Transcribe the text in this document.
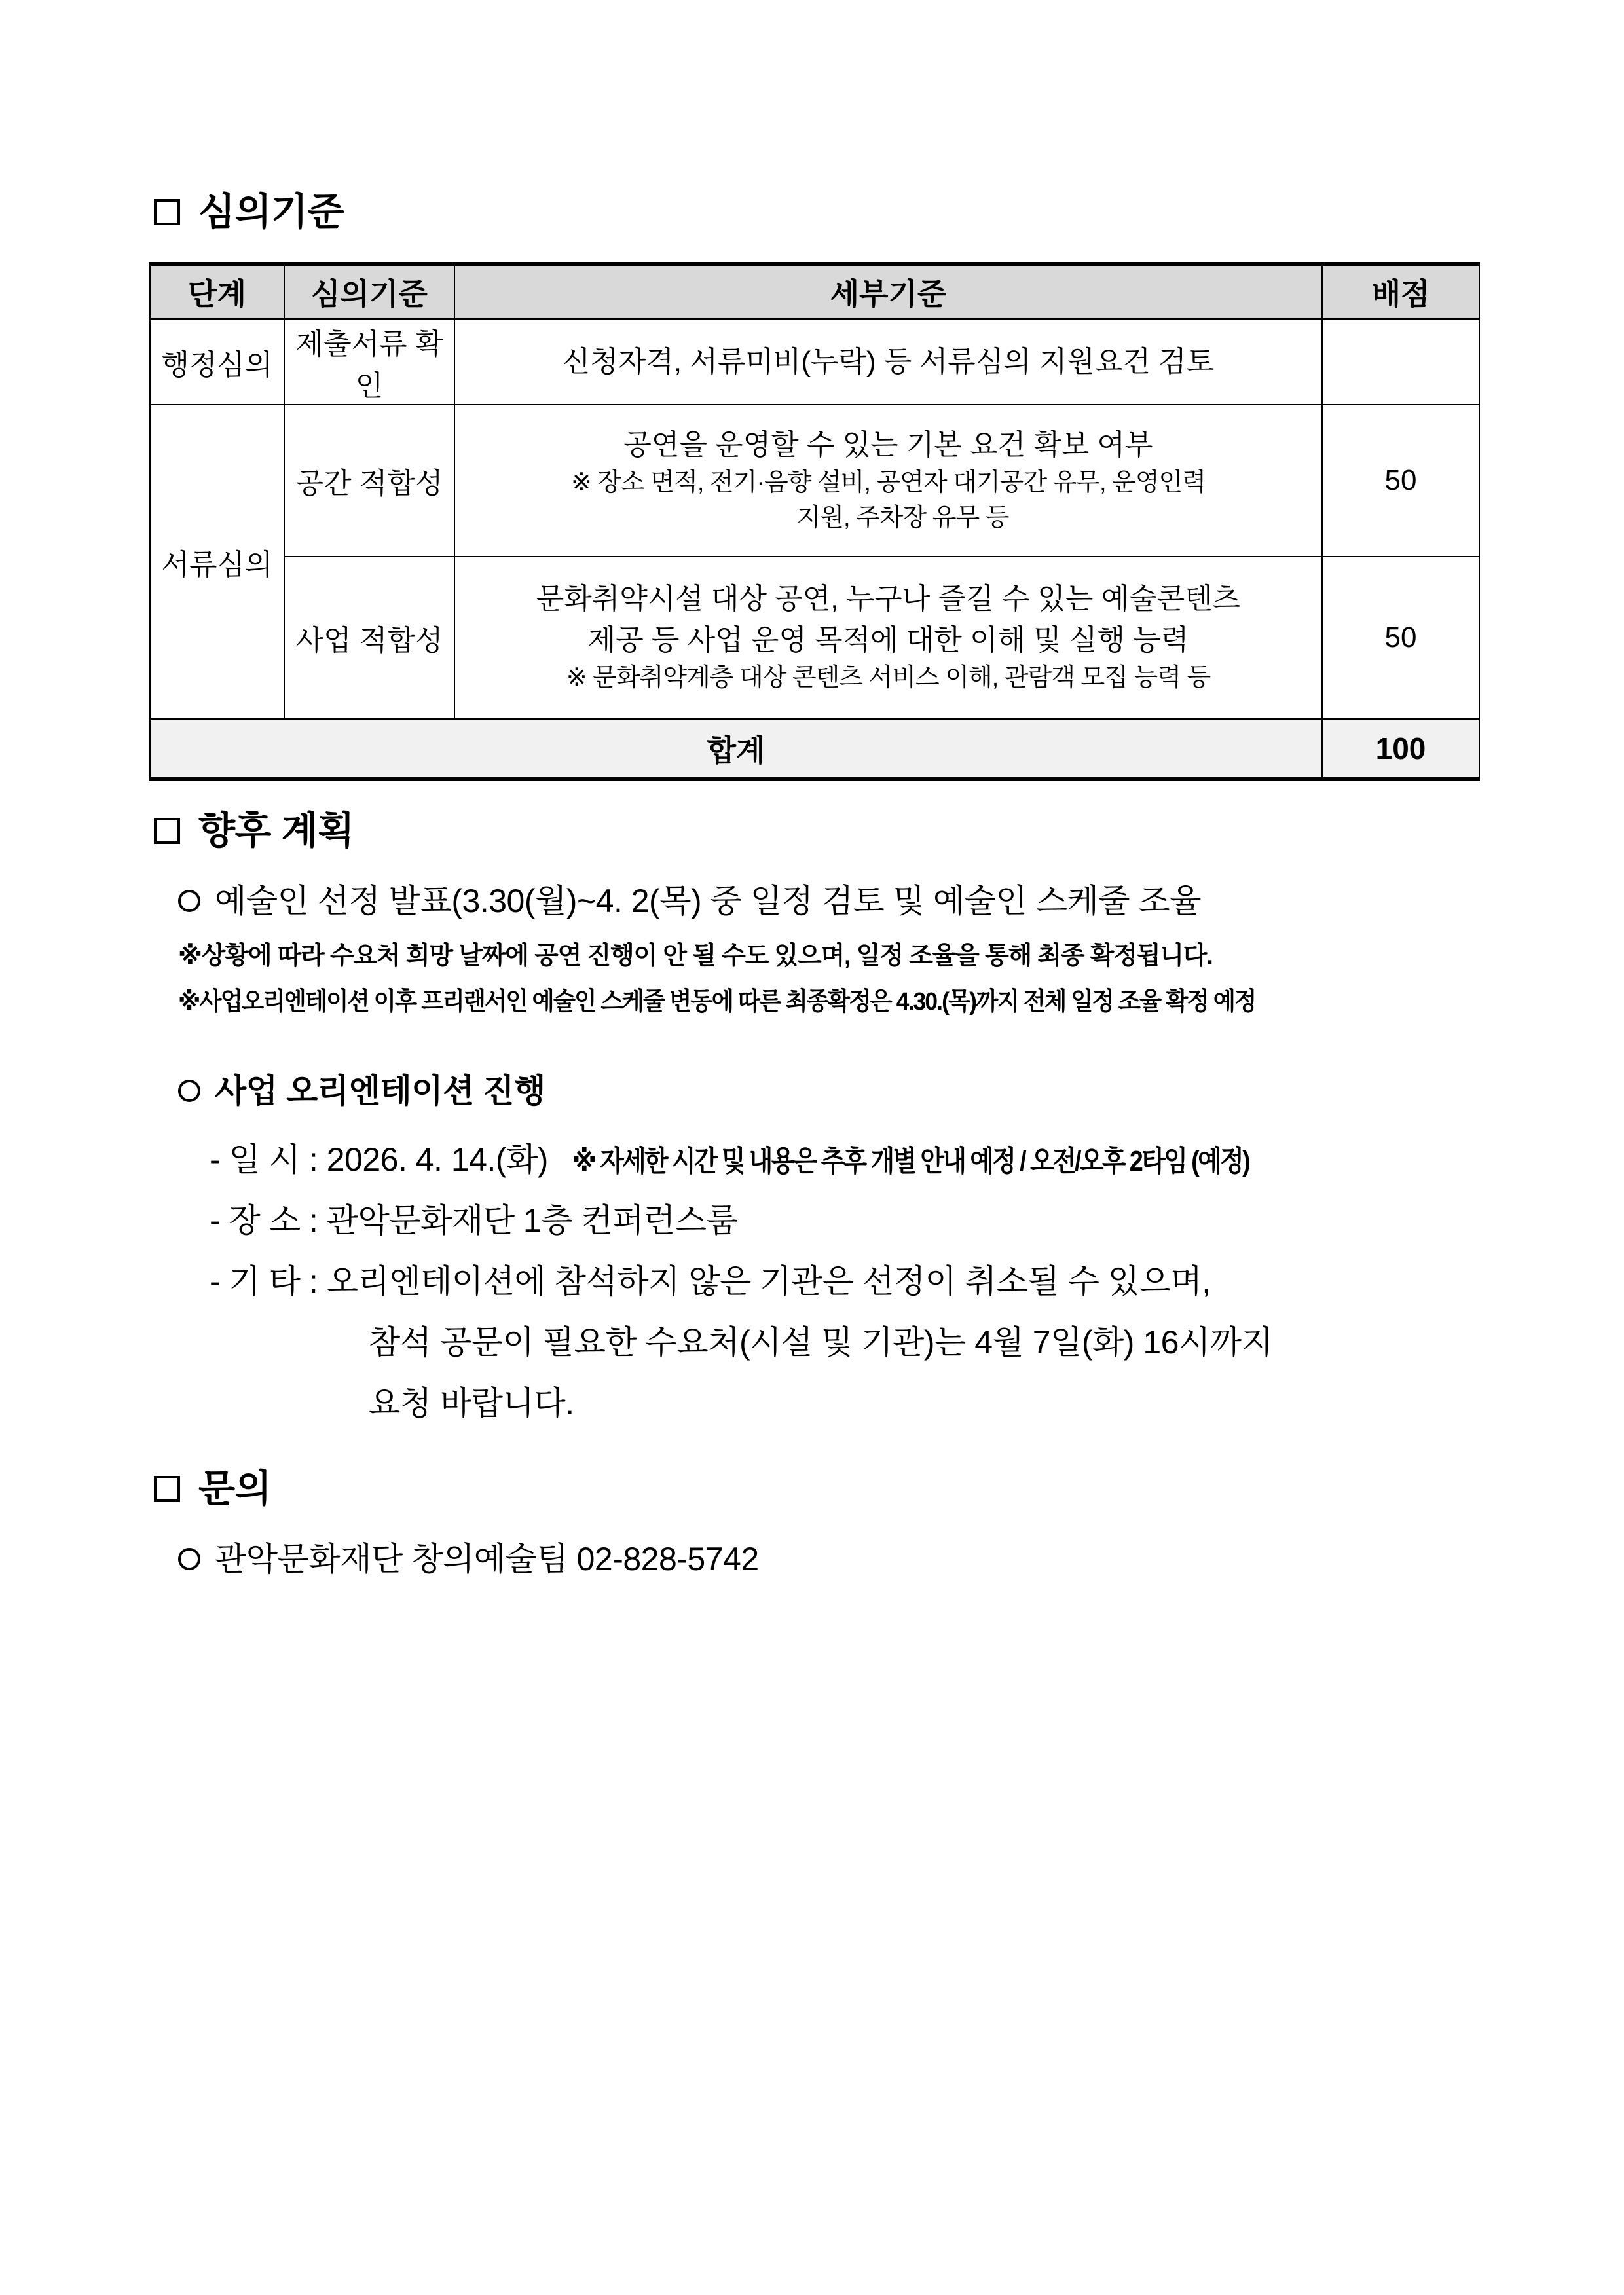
심의기준
단계	심의기준	세부기준	배점
행정심의	제출서류 확인	신청자격, 서류미비(누락) 등 서류심의 지원요건 검토	
서류심의	공간 적합성	공연을 운영할 수 있는 기본 요건 확보 여부
※ 장소 면적, 전기·음향 설비, 공연자 대기공간 유무, 운영인력
지원, 주차장 유무 등	50
	사업 적합성	문화취약시설 대상 공연, 누구나 즐길 수 있는 예술콘텐츠
제공 등 사업 운영 목적에 대한 이해 및 실행 능력
※ 문화취약계층 대상 콘텐츠 서비스 이해, 관람객 모집 능력 등	50
합계			100
향후 계획
예술인 선정 발표(3.30(월)~4. 2(목) 중 일정 검토 및 예술인 스케줄 조율
※상황에 따라 수요처 희망 날짜에 공연 진행이 안 될 수도 있으며, 일정 조율을 통해 최종 확정됩니다.
※사업오리엔테이션 이후 프리랜서인 예술인 스케줄 변동에 따른 최종확정은 4.30.(목)까지 전체 일정 조율 확정 예정
사업 오리엔테이션 진행
- 일 시 : 2026. 4. 14.(화) ※ 자세한 시간 및 내용은 추후 개별 안내 예정 / 오전/오후 2타임 (예정)
- 장 소 : 관악문화재단 1층 컨퍼런스룸
- 기 타 : 오리엔테이션에 참석하지 않은 기관은 선정이 취소될 수 있으며,
참석 공문이 필요한 수요처(시설 및 기관)는 4월 7일(화) 16시까지
요청 바랍니다.
문의
관악문화재단 창의예술팀 02-828-5742
